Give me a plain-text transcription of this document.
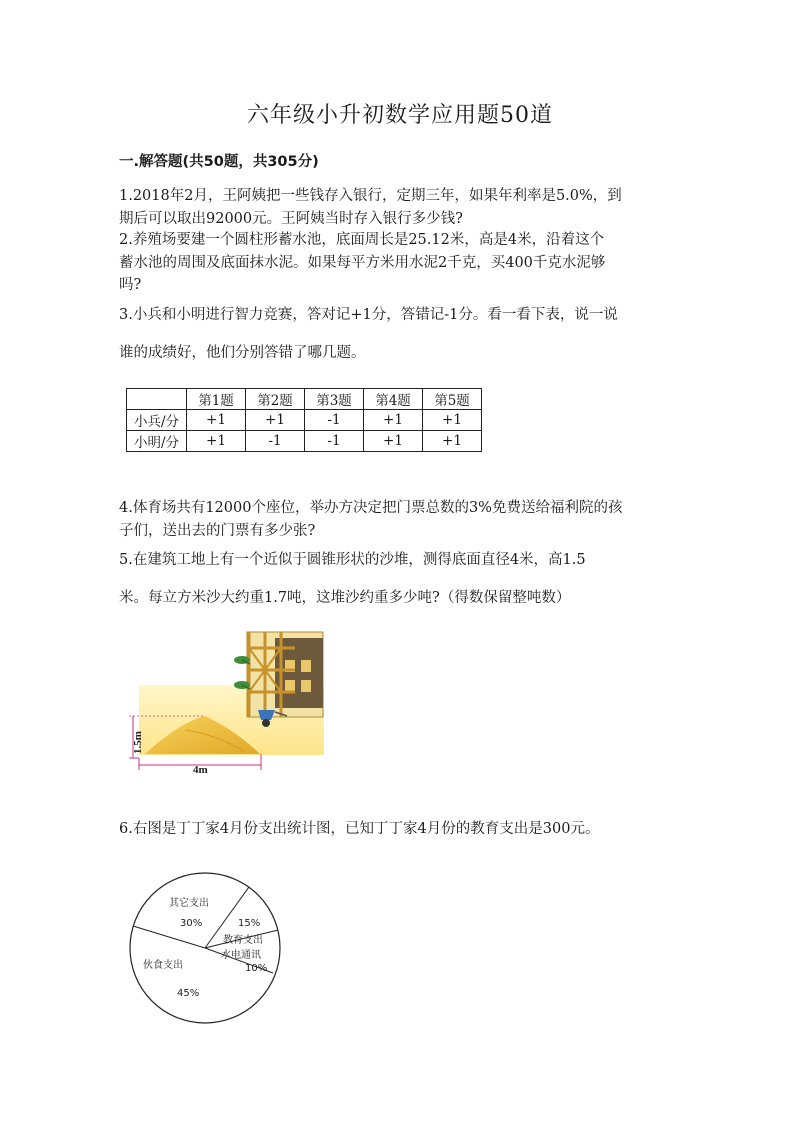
六年级小升初数学应用题50道
一.解答题(共50题，共305分)

1.2018年2月，王阿姨把一些钱存入银行，定期三年，如果年利率是5.0%，到

期后可以取出92000元。王阿姨当时存入银行多少钱?

2.养殖场要建一个圆柱形蓄水池，底面周长是25.12米，高是4米，沿着这个

蓄水池的周围及底面抹水泥。如果每平方米用水泥2千克，买400千克水泥够

吗?

3.小兵和小明进行智力竞赛，答对记+1分，答错记-1分。看一看下表，说一说

谁的成绩好，他们分别答错了哪几题。

	第1题	第2题	第3题	第4题	第5题
小兵/分	+1	+1	-1	+1	+1
小明/分	+1	-1	-1	+1	+1

4.体育场共有12000个座位，举办方决定把门票总数的3%免费送给福利院的孩

子们，送出去的门票有多少张?

5.在建筑工地上有一个近似于圆锥形状的沙堆，测得底面直径4米，高1.5

米。每立方米沙大约重1.7吨，这堆沙约重多少吨?（得数保留整吨数）

1.5m
4m

6.右图是丁丁家4月份支出统计图，已知丁丁家4月份的教育支出是300元。

其它支出
30%	15%
教育支出
水电通讯
10%
伙食支出
45%
